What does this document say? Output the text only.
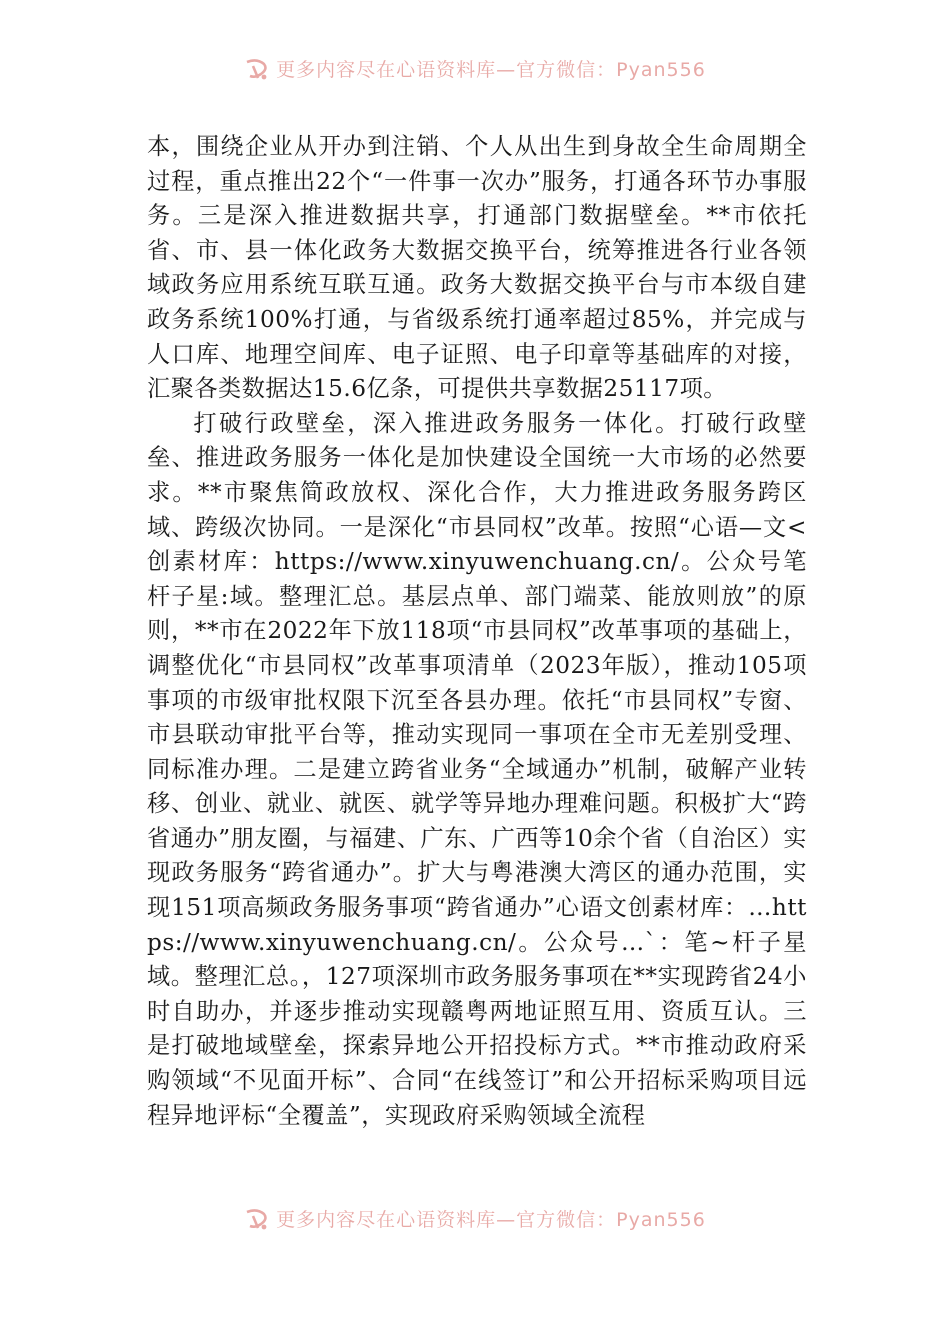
更多内容尽在心语资料库—官方微信：Pyan556

本，围绕企业从开办到注销、个人从出生到身故全生命周期全过程，重点推出22个“一件事一次办”服务，打通各环节办事服务。三是深入推进数据共享，打通部门数据壁垒。**市依托省、市、县一体化政务大数据交换平台，统筹推进各行业各领域政务应用系统互联互通。政务大数据交换平台与市本级自建政务系统100%打通，与省级系统打通率超过85%，并完成与人口库、地理空间库、电子证照、电子印章等基础库的对接，汇聚各类数据达15.6亿条，可提供共享数据25117项。

打破行政壁垒，深入推进政务服务一体化。打破行政壁垒、推进政务服务一体化是加快建设全国统一大市场的必然要求。**市聚焦简政放权、深化合作，大力推进政务服务跨区域、跨级次协同。一是深化“市县同权”改革。按照“心语—文<创素材库：https://www.xinyuwenchuang.cn/。公众号笔杆子星:域。整理汇总。基层点单、部门端菜、能放则放”的原则，**市在2022年下放118项“市县同权”改革事项的基础上，调整优化“市县同权”改革事项清单（2023年版），推动105项事项的市级审批权限下沉至各县办理。依托“市县同权”专窗、市县联动审批平台等，推动实现同一事项在全市无差别受理、同标准办理。二是建立跨省业务“全域通办”机制，破解产业转移、创业、就业、就医、就学等异地办理难问题。积极扩大“跨省通办”朋友圈，与福建、广东、广西等10余个省（自治区）实现政务服务“跨省通办”。扩大与粤港澳大湾区的通办范围，实现151项高频政务服务事项“跨省通办”心语文创素材库：…https://www.xinyuwenchuang.cn/。公众号…`：笔~杆子星域。整理汇总。，127项深圳市政务服务事项在**实现跨省24小时自助办，并逐步推动实现赣粤两地证照互用、资质互认。三是打破地域壁垒，探索异地公开招投标方式。**市推动政府采购领域“不见面开标”、合同“在线签订”和公开招标采购项目远程异地评标“全覆盖”，实现政府采购领域全流程

更多内容尽在心语资料库—官方微信：Pyan556
